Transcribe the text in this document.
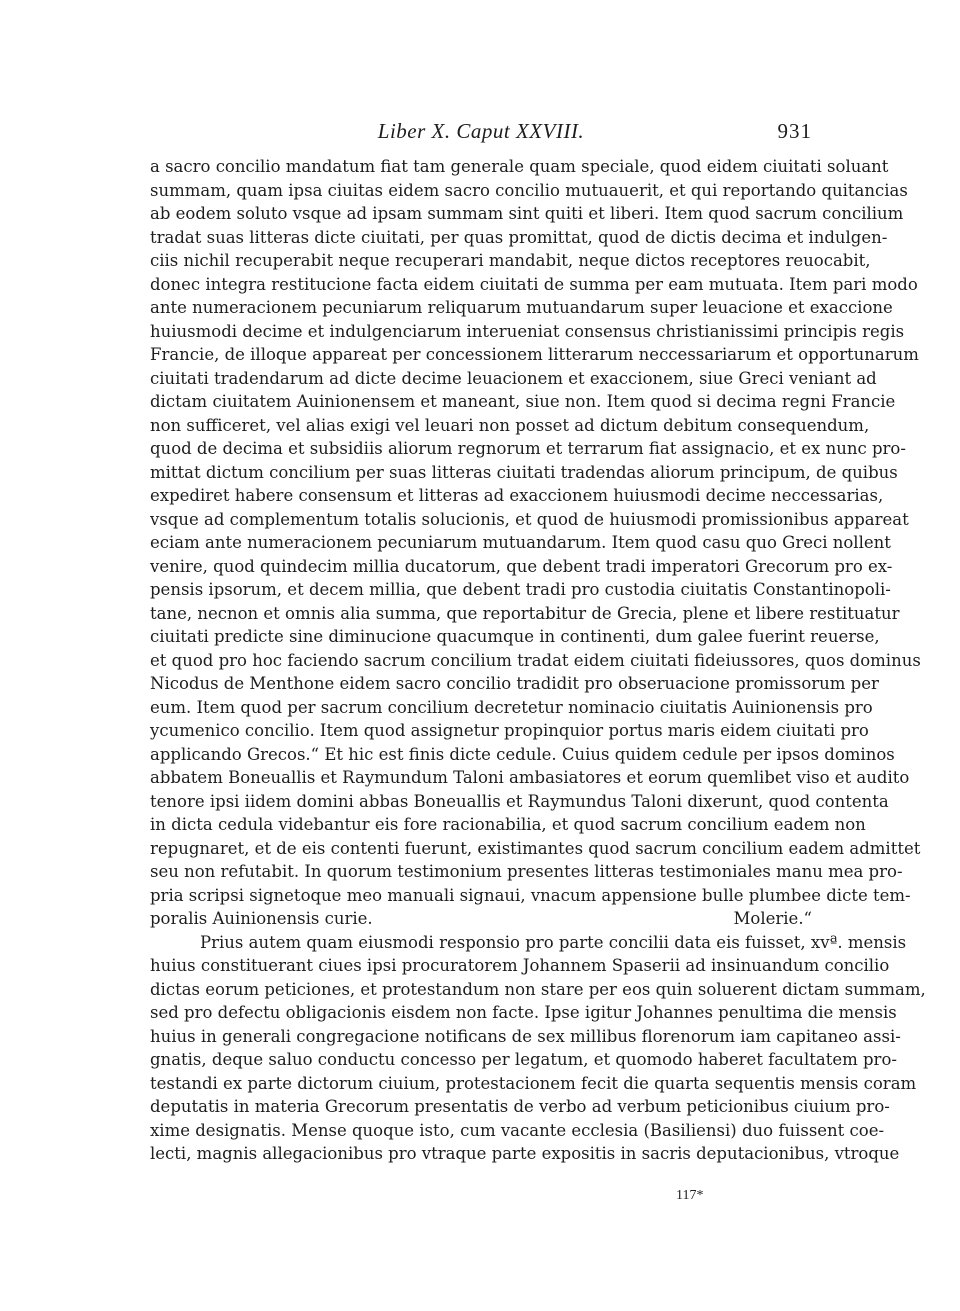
Liber X. Caput XXVIII.	931
a sacro concilio mandatum fiat tam generale quam speciale, quod eidem ciuitati soluant
summam, quam ipsa ciuitas eidem sacro concilio mutuauerit, et qui reportando quitancias
ab eodem soluto vsque ad ipsam summam sint quiti et liberi. Item quod sacrum concilium
tradat suas litteras dicte ciuitati, per quas promittat, quod de dictis decima et indulgen-
ciis nichil recuperabit neque recuperari mandabit, neque dictos receptores reuocabit,
donec integra restitucione facta eidem ciuitati de summa per eam mutuata. Item pari modo
ante numeracionem pecuniarum reliquarum mutuandarum super leuacione et exaccione
huiusmodi decime et indulgenciarum interueniat consensus christianissimi principis regis
Francie, de illoque appareat per concessionem litterarum neccessariarum et opportunarum
ciuitati tradendarum ad dicte decime leuacionem et exaccionem, siue Greci veniant ad
dictam ciuitatem Auinionensem et maneant, siue non. Item quod si decima regni Francie
non sufficeret, vel alias exigi vel leuari non posset ad dictum debitum consequendum,
quod de decima et subsidiis aliorum regnorum et terrarum fiat assignacio, et ex nunc pro-
mittat dictum concilium per suas litteras ciuitati tradendas aliorum principum, de quibus
expediret habere consensum et litteras ad exaccionem huiusmodi decime neccessarias,
vsque ad complementum totalis solucionis, et quod de huiusmodi promissionibus appareat
eciam ante numeracionem pecuniarum mutuandarum. Item quod casu quo Greci nollent
venire, quod quindecim millia ducatorum, que debent tradi imperatori Grecorum pro ex-
pensis ipsorum, et decem millia, que debent tradi pro custodia ciuitatis Constantinopoli-
tane, necnon et omnis alia summa, que reportabitur de Grecia, plene et libere restituatur
ciuitati predicte sine diminucione quacumque in continenti, dum galee fuerint reuerse,
et quod pro hoc faciendo sacrum concilium tradat eidem ciuitati fideiussores, quos dominus
Nicodus de Menthone eidem sacro concilio tradidit pro obseruacione promissorum per
eum. Item quod per sacrum concilium decretetur nominacio ciuitatis Auinionensis pro
ycumenico concilio. Item quod assignetur propinquior portus maris eidem ciuitati pro
applicando Grecos.“ Et hic est finis dicte cedule. Cuius quidem cedule per ipsos dominos
abbatem Boneuallis et Raymundum Taloni ambasiatores et eorum quemlibet viso et audito
tenore ipsi iidem domini abbas Boneuallis et Raymundus Taloni dixerunt, quod contenta
in dicta cedula videbantur eis fore racionabilia, et quod sacrum concilium eadem non
repugnaret, et de eis contenti fuerunt, existimantes quod sacrum concilium eadem admittet
seu non refutabit. In quorum testimonium presentes litteras testimoniales manu mea pro-
pria scripsi signetoque meo manuali signaui, vnacum appensione bulle plumbee dicte tem-
poralis Auinionensis curie.	Molerie.“
Prius autem quam eiusmodi responsio pro parte concilii data eis fuisset, xvª. mensis
huius constituerant ciues ipsi procuratorem Johannem Spaserii ad insinuandum concilio
dictas eorum peticiones, et protestandum non stare per eos quin soluerent dictam summam,
sed pro defectu obligacionis eisdem non facte. Ipse igitur Johannes penultima die mensis
huius in generali congregacione notificans de sex millibus florenorum iam capitaneo assi-
gnatis, deque saluo conductu concesso per legatum, et quomodo haberet facultatem pro-
testandi ex parte dictorum ciuium, protestacionem fecit die quarta sequentis mensis coram
deputatis in materia Grecorum presentatis de verbo ad verbum peticionibus ciuium pro-
xime designatis. Mense quoque isto, cum vacante ecclesia (Basiliensi) duo fuissent coe-
lecti, magnis allegacionibus pro vtraque parte expositis in sacris deputacionibus, vtroque
117*
